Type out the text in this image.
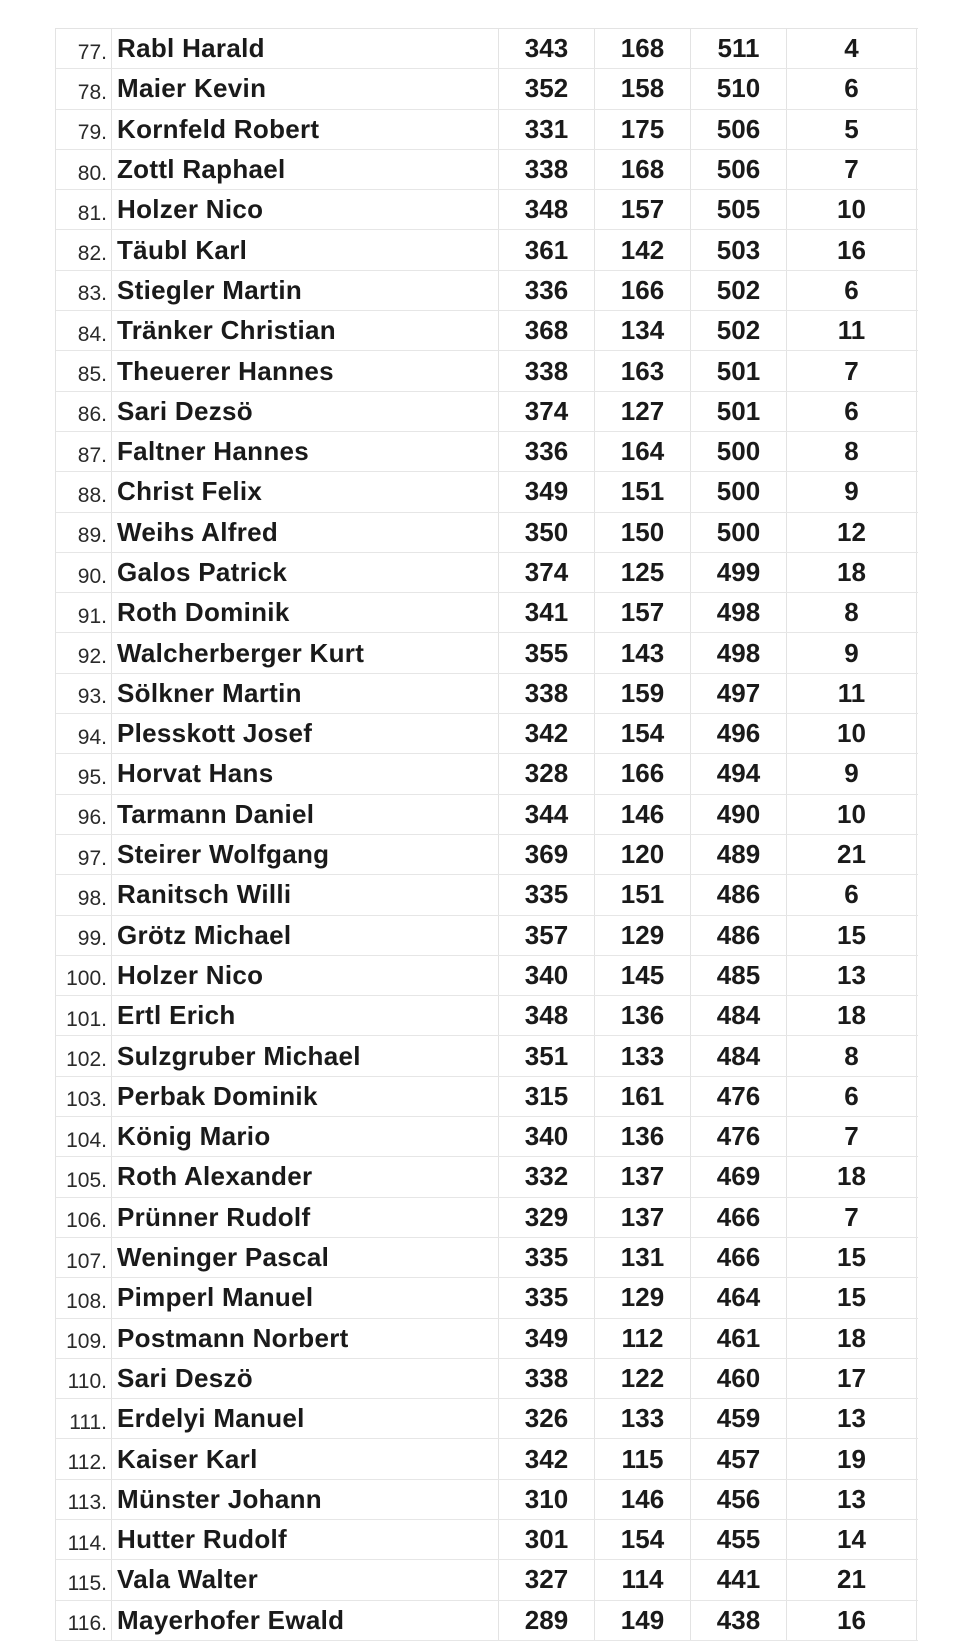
77. Rabl Harald	343	168	511	4
78. Maier Kevin	352	158	510	6
79. Kornfeld Robert	331	175	506	5
80. Zottl Raphael	338	168	506	7
81. Holzer Nico	348	157	505	10
82. Täubl Karl	361	142	503	16
83. Stiegler Martin	336	166	502	6
84. Tränker Christian	368	134	502	11
85. Theuerer Hannes	338	163	501	7
86. Sari Dezsö	374	127	501	6
87. Faltner Hannes	336	164	500	8
88. Christ Felix	349	151	500	9
89. Weihs Alfred	350	150	500	12
90. Galos Patrick	374	125	499	18
91. Roth Dominik	341	157	498	8
92. Walcherberger Kurt	355	143	498	9
93. Sölkner Martin	338	159	497	11
94. Plesskott Josef	342	154	496	10
95. Horvat Hans	328	166	494	9
96. Tarmann Daniel	344	146	490	10
97. Steirer Wolfgang	369	120	489	21
98. Ranitsch Willi	335	151	486	6
99. Grötz Michael	357	129	486	15
100. Holzer Nico	340	145	485	13
101. Ertl Erich	348	136	484	18
102. Sulzgruber Michael	351	133	484	8
103. Perbak Dominik	315	161	476	6
104. König Mario	340	136	476	7
105. Roth Alexander	332	137	469	18
106. Prünner Rudolf	329	137	466	7
107. Weninger Pascal	335	131	466	15
108. Pimperl Manuel	335	129	464	15
109. Postmann Norbert	349	112	461	18
110. Sari Deszö	338	122	460	17
111. Erdelyi Manuel	326	133	459	13
112. Kaiser Karl	342	115	457	19
113. Münster Johann	310	146	456	13
114. Hutter Rudolf	301	154	455	14
115. Vala Walter	327	114	441	21
116. Mayerhofer Ewald	289	149	438	16
